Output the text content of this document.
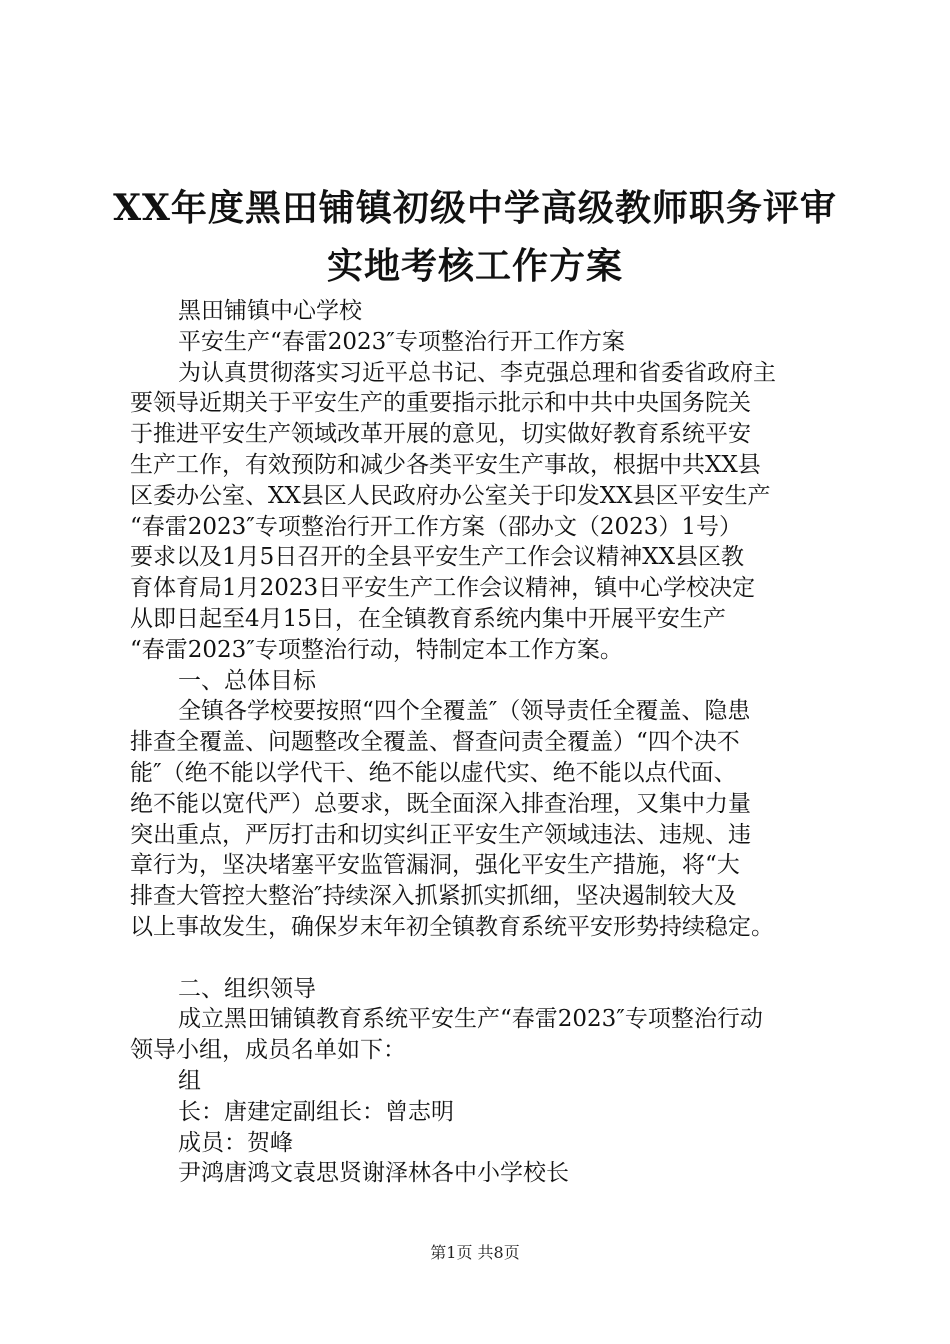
XX年度黑田铺镇初级中学高级教师职务评审
实地考核工作方案

黑田铺镇中心学校

平安生产“春雷2023″专项整治行开工作方案

为认真贯彻落实习近平总书记、李克强总理和省委省政府主

要领导近期关于平安生产的重要指示批示和中共中央国务院关

于推进平安生产领域改革开展的意见，切实做好教育系统平安

生产工作，有效预防和减少各类平安生产事故，根据中共XX县

区委办公室、XX县区人民政府办公室关于印发XX县区平安生产

“春雷2023″专项整治行开工作方案（邵办文（2023）1号）

要求以及1月5日召开的全县平安生产工作会议精神XX县区教

育体育局1月2023日平安生产工作会议精神，镇中心学校决定

从即日起至4月15日，在全镇教育系统内集中开展平安生产

“春雷2023″专项整治行动，特制定本工作方案。

一、总体目标

全镇各学校要按照“四个全覆盖″（领导责任全覆盖、隐患

排查全覆盖、问题整改全覆盖、督查问责全覆盖）“四个决不

能″（绝不能以学代干、绝不能以虚代实、绝不能以点代面、

绝不能以宽代严）总要求，既全面深入排查治理，又集中力量

突出重点，严厉打击和切实纠正平安生产领域违法、违规、违

章行为，坚决堵塞平安监管漏洞，强化平安生产措施，将“大

排查大管控大整治″持续深入抓紧抓实抓细，坚决遏制较大及

以上事故发生，确保岁末年初全镇教育系统平安形势持续稳定。

二、组织领导

成立黑田铺镇教育系统平安生产“春雷2023″专项整治行动

领导小组，成员名单如下：

组

长：唐建定副组长：曾志明

成员：贺峰

尹鸿唐鸿文袁思贤谢泽林各中小学校长

第1页 共8页
